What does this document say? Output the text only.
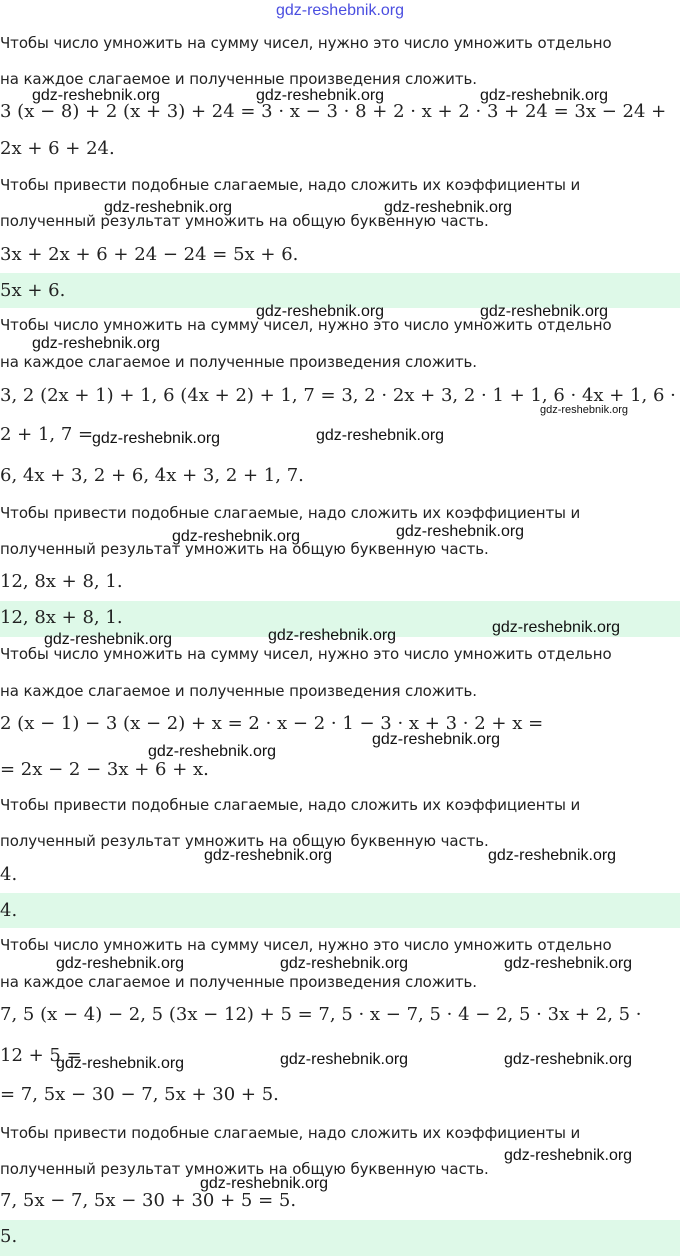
gdz-reshebnik.org
Чтобы число умножить на сумму чисел, нужно это число умножить отдельно
на каждое слагаемое и полученные произведения сложить.
3 (x − 8) + 2 (x + 3) + 24 = 3 · x − 3 · 8 + 2 · x + 2 · 3 + 24 = 3x − 24 +
2x + 6 + 24.
Чтобы привести подобные слагаемые, надо сложить их коэффициенты и
полученный результат умножить на общую буквенную часть.
3x + 2x + 6 + 24 − 24 = 5x + 6.
5x + 6.
Чтобы число умножить на сумму чисел, нужно это число умножить отдельно
на каждое слагаемое и полученные произведения сложить.
3, 2 (2x + 1) + 1, 6 (4x + 2) + 1, 7 = 3, 2 · 2x + 3, 2 · 1 + 1, 6 · 4x + 1, 6 ·
2 + 1, 7 =
6, 4x + 3, 2 + 6, 4x + 3, 2 + 1, 7.
Чтобы привести подобные слагаемые, надо сложить их коэффициенты и
полученный результат умножить на общую буквенную часть.
12, 8x + 8, 1.
12, 8x + 8, 1.
Чтобы число умножить на сумму чисел, нужно это число умножить отдельно
на каждое слагаемое и полученные произведения сложить.
2 (x − 1) − 3 (x − 2) + x = 2 · x − 2 · 1 − 3 · x + 3 · 2 + x =
= 2x − 2 − 3x + 6 + x.
Чтобы привести подобные слагаемые, надо сложить их коэффициенты и
полученный результат умножить на общую буквенную часть.
4.
4.
Чтобы число умножить на сумму чисел, нужно это число умножить отдельно
на каждое слагаемое и полученные произведения сложить.
7, 5 (x − 4) − 2, 5 (3x − 12) + 5 = 7, 5 · x − 7, 5 · 4 − 2, 5 · 3x + 2, 5 ·
12 + 5 =
= 7, 5x − 30 − 7, 5x + 30 + 5.
Чтобы привести подобные слагаемые, надо сложить их коэффициенты и
полученный результат умножить на общую буквенную часть.
7, 5x − 7, 5x − 30 + 30 + 5 = 5.
5.
gdz-reshebnik.org	gdz-reshebnik.org	gdz-reshebnik.org
gdz-reshebnik.org	gdz-reshebnik.org
gdz-reshebnik.org	gdz-reshebnik.org
gdz-reshebnik.org
gdz-reshebnik.org
gdz-reshebnik.org	gdz-reshebnik.org
gdz-reshebnik.org
gdz-reshebnik.org
gdz-reshebnik.org
gdz-reshebnik.org
gdz-reshebnik.org
gdz-reshebnik.org
gdz-reshebnik.org
gdz-reshebnik.org	gdz-reshebnik.org
gdz-reshebnik.org	gdz-reshebnik.org	gdz-reshebnik.org
gdz-reshebnik.org	gdz-reshebnik.org	gdz-reshebnik.org
gdz-reshebnik.org
gdz-reshebnik.org
